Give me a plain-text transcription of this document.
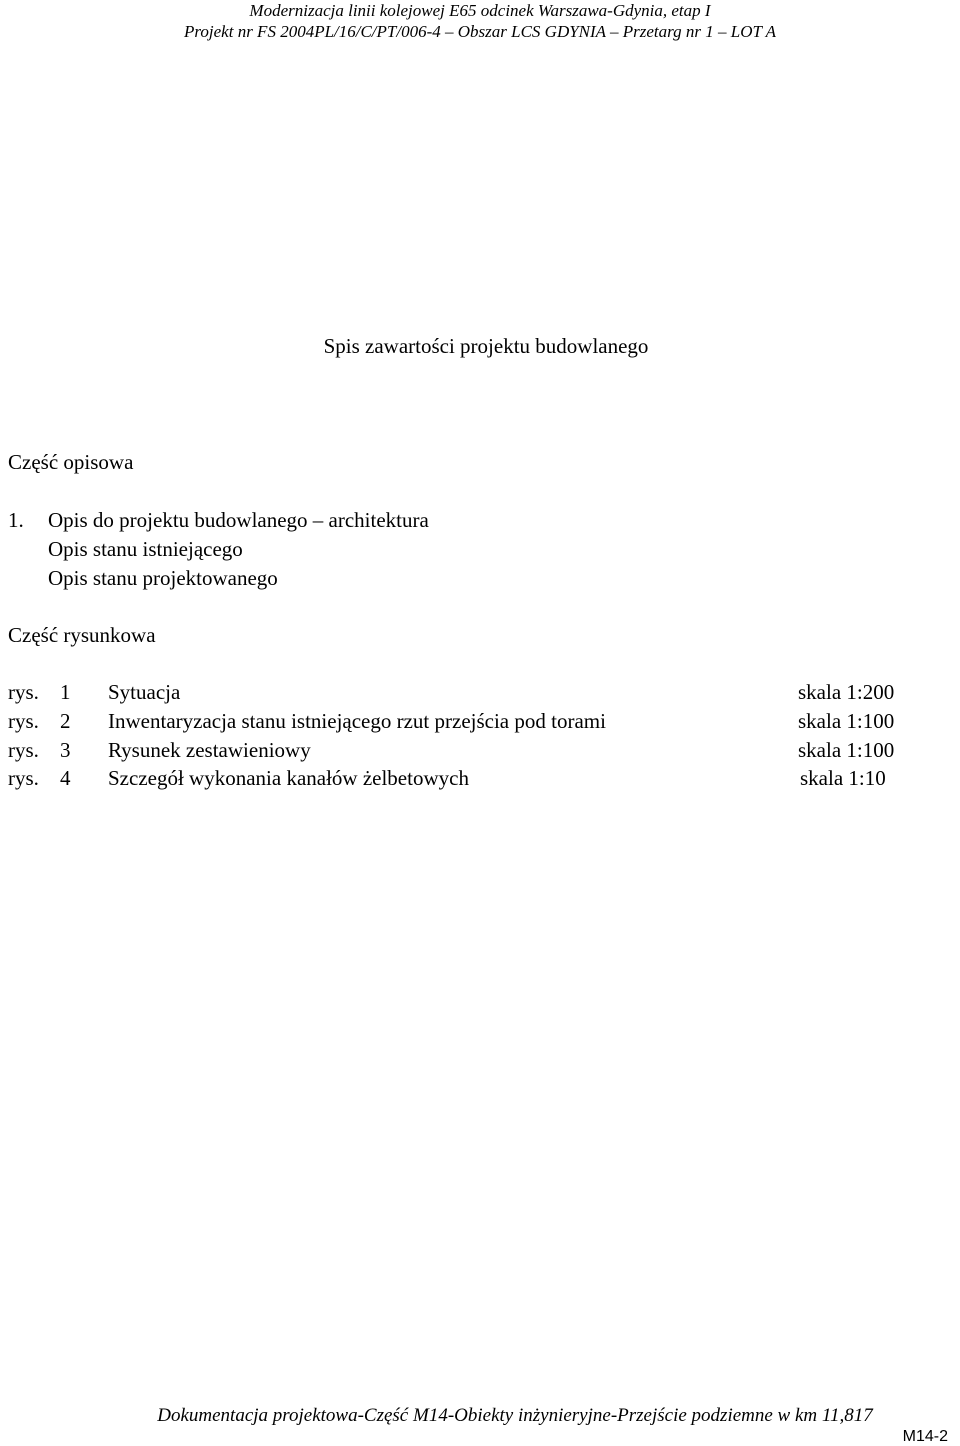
Modernizacja linii kolejowej E65 odcinek Warszawa-Gdynia, etap I
Projekt nr FS 2004PL/16/C/PT/006-4 – Obszar LCS GDYNIA – Przetarg nr 1 – LOT A
Spis zawartości projektu budowlanego
Część opisowa
1. Opis do projektu budowlanego – architektura
Opis stanu istniejącego
Opis stanu projektowanego
Część rysunkowa
rys. 1 Sytuacja	skala 1:200
rys. 2 Inwentaryzacja stanu istniejącego rzut przejścia pod torami	skala 1:100
rys. 3 Rysunek zestawieniowy	skala 1:100
rys. 4 Szczegół wykonania kanałów żelbetowych	skala 1:10
Dokumentacja projektowa-Część M14-Obiekty inżynieryjne-Przejście podziemne w km 11,817
M14-2
